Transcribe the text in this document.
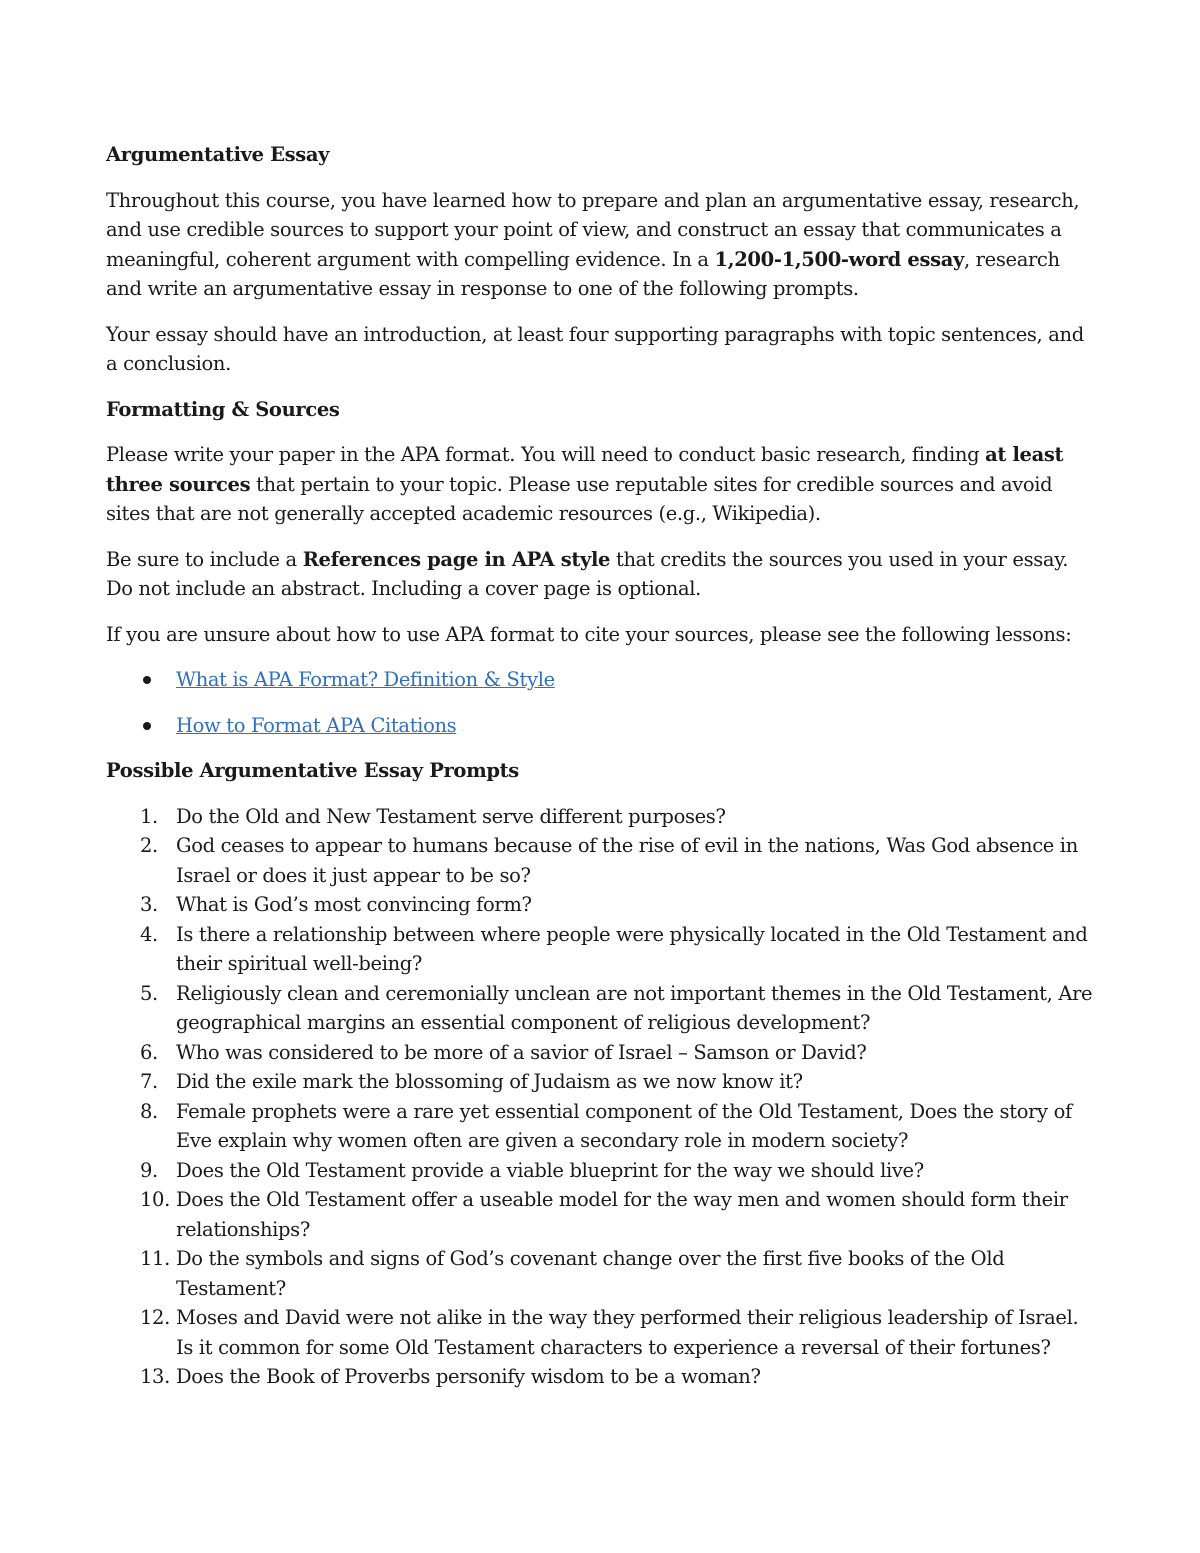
Argumentative Essay

Throughout this course, you have learned how to prepare and plan an argumentative essay, research, and use credible sources to support your point of view, and construct an essay that communicates a meaningful, coherent argument with compelling evidence. In a 1,200-1,500-word essay, research and write an argumentative essay in response to one of the following prompts.

Your essay should have an introduction, at least four supporting paragraphs with topic sentences, and a conclusion.

Formatting & Sources

Please write your paper in the APA format. You will need to conduct basic research, finding at least three sources that pertain to your topic. Please use reputable sites for credible sources and avoid sites that are not generally accepted academic resources (e.g., Wikipedia).

Be sure to include a References page in APA style that credits the sources you used in your essay. Do not include an abstract. Including a cover page is optional.

If you are unsure about how to use APA format to cite your sources, please see the following lessons:

What is APA Format? Definition & Style
How to Format APA Citations

Possible Argumentative Essay Prompts

1. Do the Old and New Testament serve different purposes?
2. God ceases to appear to humans because of the rise of evil in the nations, Was God absence in Israel or does it just appear to be so?
3. What is God’s most convincing form?
4. Is there a relationship between where people were physically located in the Old Testament and their spiritual well-being?
5. Religiously clean and ceremonially unclean are not important themes in the Old Testament, Are geographical margins an essential component of religious development?
6. Who was considered to be more of a savior of Israel – Samson or David?
7. Did the exile mark the blossoming of Judaism as we now know it?
8. Female prophets were a rare yet essential component of the Old Testament, Does the story of Eve explain why women often are given a secondary role in modern society?
9. Does the Old Testament provide a viable blueprint for the way we should live?
10. Does the Old Testament offer a useable model for the way men and women should form their relationships?
11. Do the symbols and signs of God’s covenant change over the first five books of the Old Testament?
12. Moses and David were not alike in the way they performed their religious leadership of Israel. Is it common for some Old Testament characters to experience a reversal of their fortunes?
13. Does the Book of Proverbs personify wisdom to be a woman?
